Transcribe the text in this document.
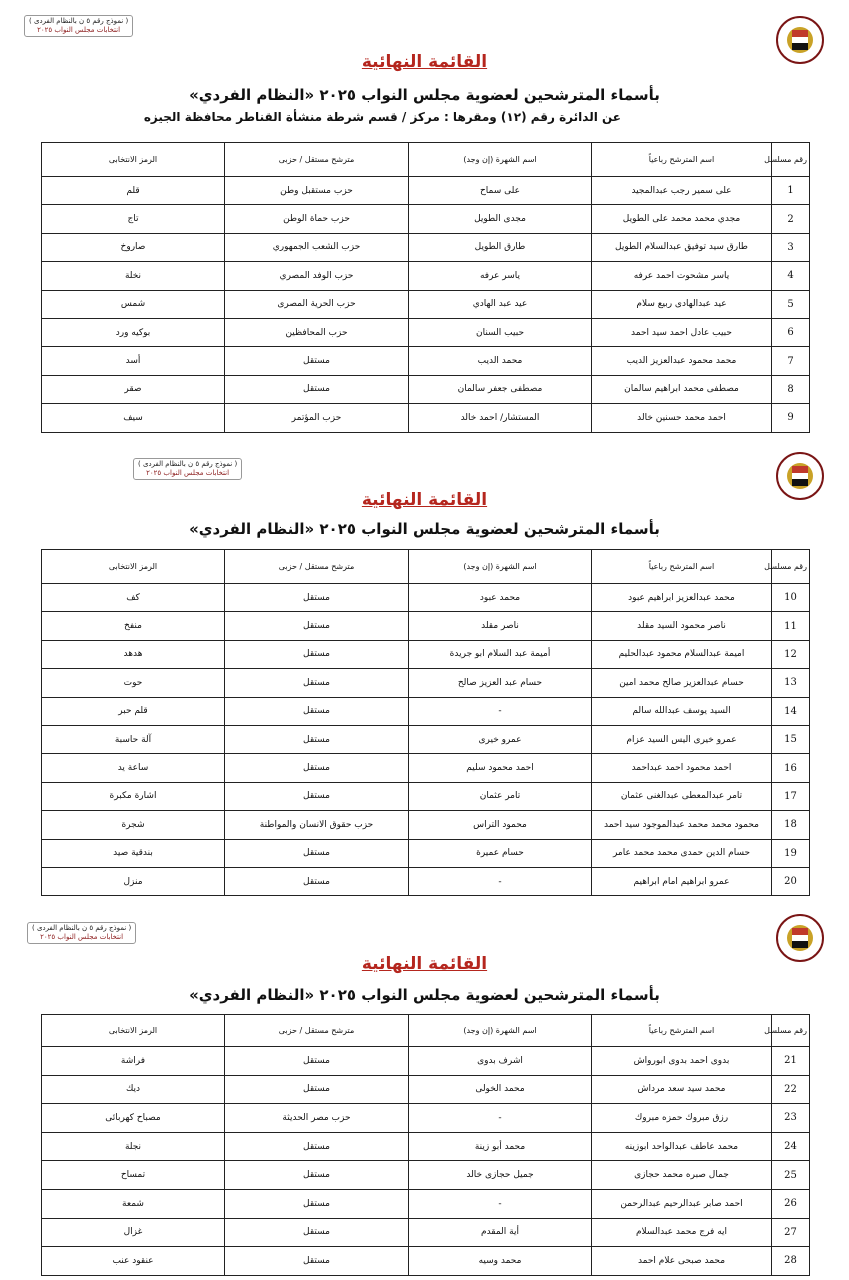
( نموذج رقم ٥ ن بالنظام الفردى )
انتخابات مجلس النواب ٢٠٢٥
القائمة النهائية
بأسماء المترشحين لعضوية مجلس النواب ٢٠٢٥ «النظام الفردي»
عن الدائرة رقم (١٢) ومقرها : مركز / قسم شرطة منشأة القناطر محافظة الجيزه
رقم مسلسل	اسم المترشح رباعياً	اسم الشهرة (إن وجد)	مترشح مستقل / حزبى	الرمز الانتخابى
1	على سمير رجب عبدالمجيد	على سماح	حزب مستقبل وطن	قلم
2	مجدي محمد محمد على الطويل	مجدى الطويل	حزب حماة الوطن	تاج
3	طارق سيد توفيق عبدالسلام الطويل	طارق الطويل	حزب الشعب الجمهوري	صاروخ
4	ياسر مشحوت احمد عرفه	ياسر عرفه	حزب الوفد المصري	نخلة
5	عيد عبدالهادى ربيع سلام	عيد عبد الهادي	حزب الحرية المصرى	شمس
6	حبيب عادل احمد سيد احمد	حبيب السنان	حزب المحافظين	بوكيه ورد
7	محمد محمود عبدالعزيز الديب	محمد الديب	مستقل	أسد
8	مصطفى محمد ابراهيم سالمان	مصطفى جعفر سالمان	مستقل	صقر
9	احمد محمد حسنين خالد	المستشار/ احمد خالد	حزب المؤتمر	سيف
( نموذج رقم ٥ ن بالنظام الفردى )
انتخابات مجلس النواب ٢٠٢٥
القائمة النهائية
بأسماء المترشحين لعضوية مجلس النواب ٢٠٢٥ «النظام الفردي»
رقم مسلسل	اسم المترشح رباعياً	اسم الشهرة (إن وجد)	مترشح مستقل / حزبى	الرمز الانتخابى
10	محمد عبدالعزيز ابراهيم عبود	محمد عبود	مستقل	كف
11	ناصر محمود السيد مقلد	ناصر مقلد	مستقل	منفخ
12	اميمة عبدالسلام محمود عبدالحليم	أميمة عبد السلام ابو جريدة	مستقل	هدهد
13	حسام عبدالعزيز صالح محمد امين	حسام عبد العزيز صالح	مستقل	حوت
14	السيد يوسف عبدالله سالم	-	مستقل	قلم حبر
15	عمرو خيرى اليس السيد عزام	عمرو خيرى	مستقل	آلة حاسبة
16	احمد محمود احمد عبداحمد	احمد محمود سليم	مستقل	ساعة يد
17	تامر عبدالمعطى عبدالغنى عثمان	تامر عثمان	مستقل	اشارة مكبرة
18	محمود محمد محمد عبدالموجود سيد احمد	محمود التراس	حزب حقوق الانسان والمواطنة	شجرة
19	حسام الدين حمدى محمد محمد عامر	حسام عميرة	مستقل	بندقية صيد
20	عمرو ابراهيم امام ابراهيم	-	مستقل	منزل
( نموذج رقم ٥ ن بالنظام الفردى )
انتخابات مجلس النواب ٢٠٢٥
القائمة النهائية
بأسماء المترشحين لعضوية مجلس النواب ٢٠٢٥ «النظام الفردي»
رقم مسلسل	اسم المترشح رباعياً	اسم الشهرة (إن وجد)	مترشح مستقل / حزبى	الرمز الانتخابى
21	بدوى احمد بدوى ابورواش	اشرف بدوى	مستقل	فراشة
22	محمد سيد سعد مرداش	محمد الخولى	مستقل	ديك
23	رزق مبروك حمزه مبروك	-	حزب مصر الحديثة	مصباح كهربائى
24	محمد عاطف عبدالواحد ابوزينه	محمد أبو زينة	مستقل	نجلة
25	جمال صبره محمد حجازى	جميل حجازى خالد	مستقل	تمساح
26	احمد صابر عبدالرحيم عبدالرحمن	-	مستقل	شمعة
27	ايه فرج محمد عبدالسلام	أية المقدم	مستقل	غزال
28	محمد صبحى علام احمد	محمد وسيه	مستقل	عنقود عنب
